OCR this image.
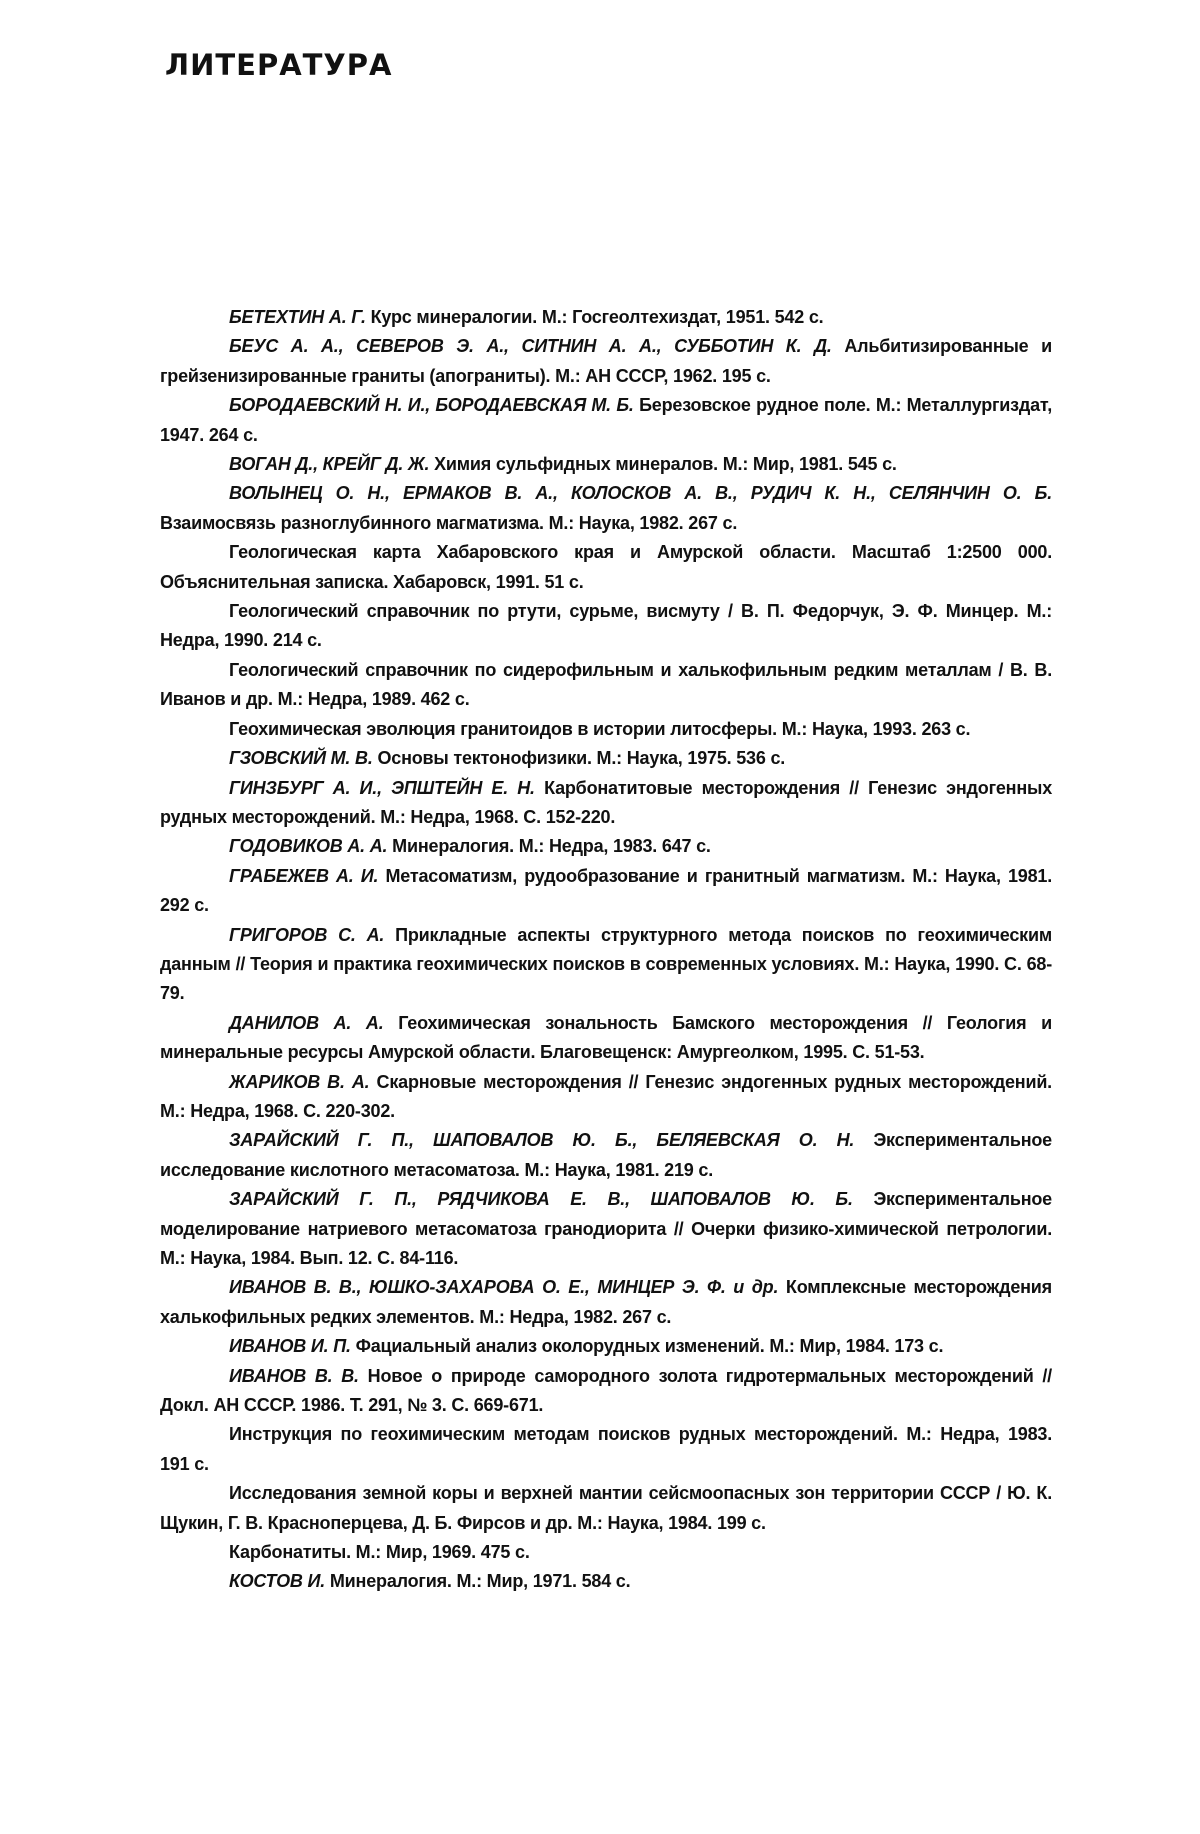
ЛИТЕРАТУРА
БЕТЕХТИН А. Г. Курс минералогии. М.: Госгеолтехиздат, 1951. 542 с.
БЕУС А. А., СЕВЕРОВ Э. А., СИТНИН А. А., СУББОТИН К. Д. Альбитизированные и грейзенизированные граниты (апограниты). М.: АН СССР, 1962. 195 с.
БОРОДАЕВСКИЙ Н. И., БОРОДАЕВСКАЯ М. Б. Березовское рудное поле. М.: Металлургиздат, 1947. 264 с.
ВОГАН Д., КРЕЙГ Д. Ж. Химия сульфидных минералов. М.: Мир, 1981. 545 с.
ВОЛЫНЕЦ О. Н., ЕРМАКОВ В. А., КОЛОСКОВ А. В., РУДИЧ К. Н., СЕЛЯНЧИН О. Б.Взаимосвязь разноглубинного магматизма. М.: Наука, 1982. 267 с.
Геологическая карта Хабаровского края и Амурской области. Масштаб 1:2500 000. Объяснительная записка. Хабаровск, 1991. 51 с.
Геологический справочник по ртути, сурьме, висмуту / В. П. Федорчук, Э. Ф. Минцер. М.: Недра, 1990. 214 с.
Геологический справочник по сидерофильным и халькофильным редким металлам / В. В. Иванов и др. М.: Недра, 1989. 462 с.
Геохимическая эволюция гранитоидов в истории литосферы. М.: Наука, 1993. 263 с.
ГЗОВСКИЙ М. В. Основы тектонофизики. М.: Наука, 1975. 536 с.
ГИНЗБУРГ А. И., ЭПШТЕЙН Е. Н. Карбонатитовые месторождения // Генезис эндогенных рудных месторождений. М.: Недра, 1968. С. 152-220.
ГОДОВИКОВ А. А. Минералогия. М.: Недра, 1983. 647 с.
ГРАБЕЖЕВ А. И. Метасоматизм, рудообразование и гранитный магматизм. М.: Наука, 1981. 292 с.
ГРИГОРОВ С. А. Прикладные аспекты структурного метода поисков по геохимическим данным // Теория и практика геохимических поисков в современных условиях. М.: Наука, 1990. С. 68-79.
ДАНИЛОВ А. А. Геохимическая зональность Бамского месторождения // Геология и минеральные ресурсы Амурской области. Благовещенск: Амургеолком, 1995. С. 51-53.
ЖАРИКОВ В. А. Скарновые месторождения // Генезис эндогенных рудных месторождений. М.: Недра, 1968. С. 220-302.
ЗАРАЙСКИЙ Г. П., ШАПОВАЛОВ Ю. Б., БЕЛЯЕВСКАЯ О. Н. Экспериментальное исследование кислотного метасоматоза. М.: Наука, 1981. 219 с.
ЗАРАЙСКИЙ Г. П., РЯДЧИКОВА Е. В., ШАПОВАЛОВ Ю. Б. Экспериментальное моделирование натриевого метасоматоза гранодиорита // Очерки физико-химической петрологии. М.: Наука, 1984. Вып. 12. С. 84-116.
ИВАНОВ В. В., ЮШКО-ЗАХАРОВА О. Е., МИНЦЕР Э. Ф. и др. Комплексные месторождения халькофильных редких элементов. М.: Недра, 1982. 267 с.
ИВАНОВ И. П. Фациальный анализ околорудных изменений. М.: Мир, 1984. 173 с.
ИВАНОВ В. В. Новое о природе самородного золота гидротермальных месторождений // Докл. АН СССР. 1986. Т. 291, № 3. С. 669-671.
Инструкция по геохимическим методам поисков рудных месторождений. М.: Недра, 1983. 191 с.
Исследования земной коры и верхней мантии сейсмоопасных зон территории СССР / Ю. К. Щукин, Г. В. Красноперцева, Д. Б. Фирсов и др. М.: Наука, 1984. 199 с.
Карбонатиты. М.: Мир, 1969. 475 с.
КОСТОВ И. Минералогия. М.: Мир, 1971. 584 с.
